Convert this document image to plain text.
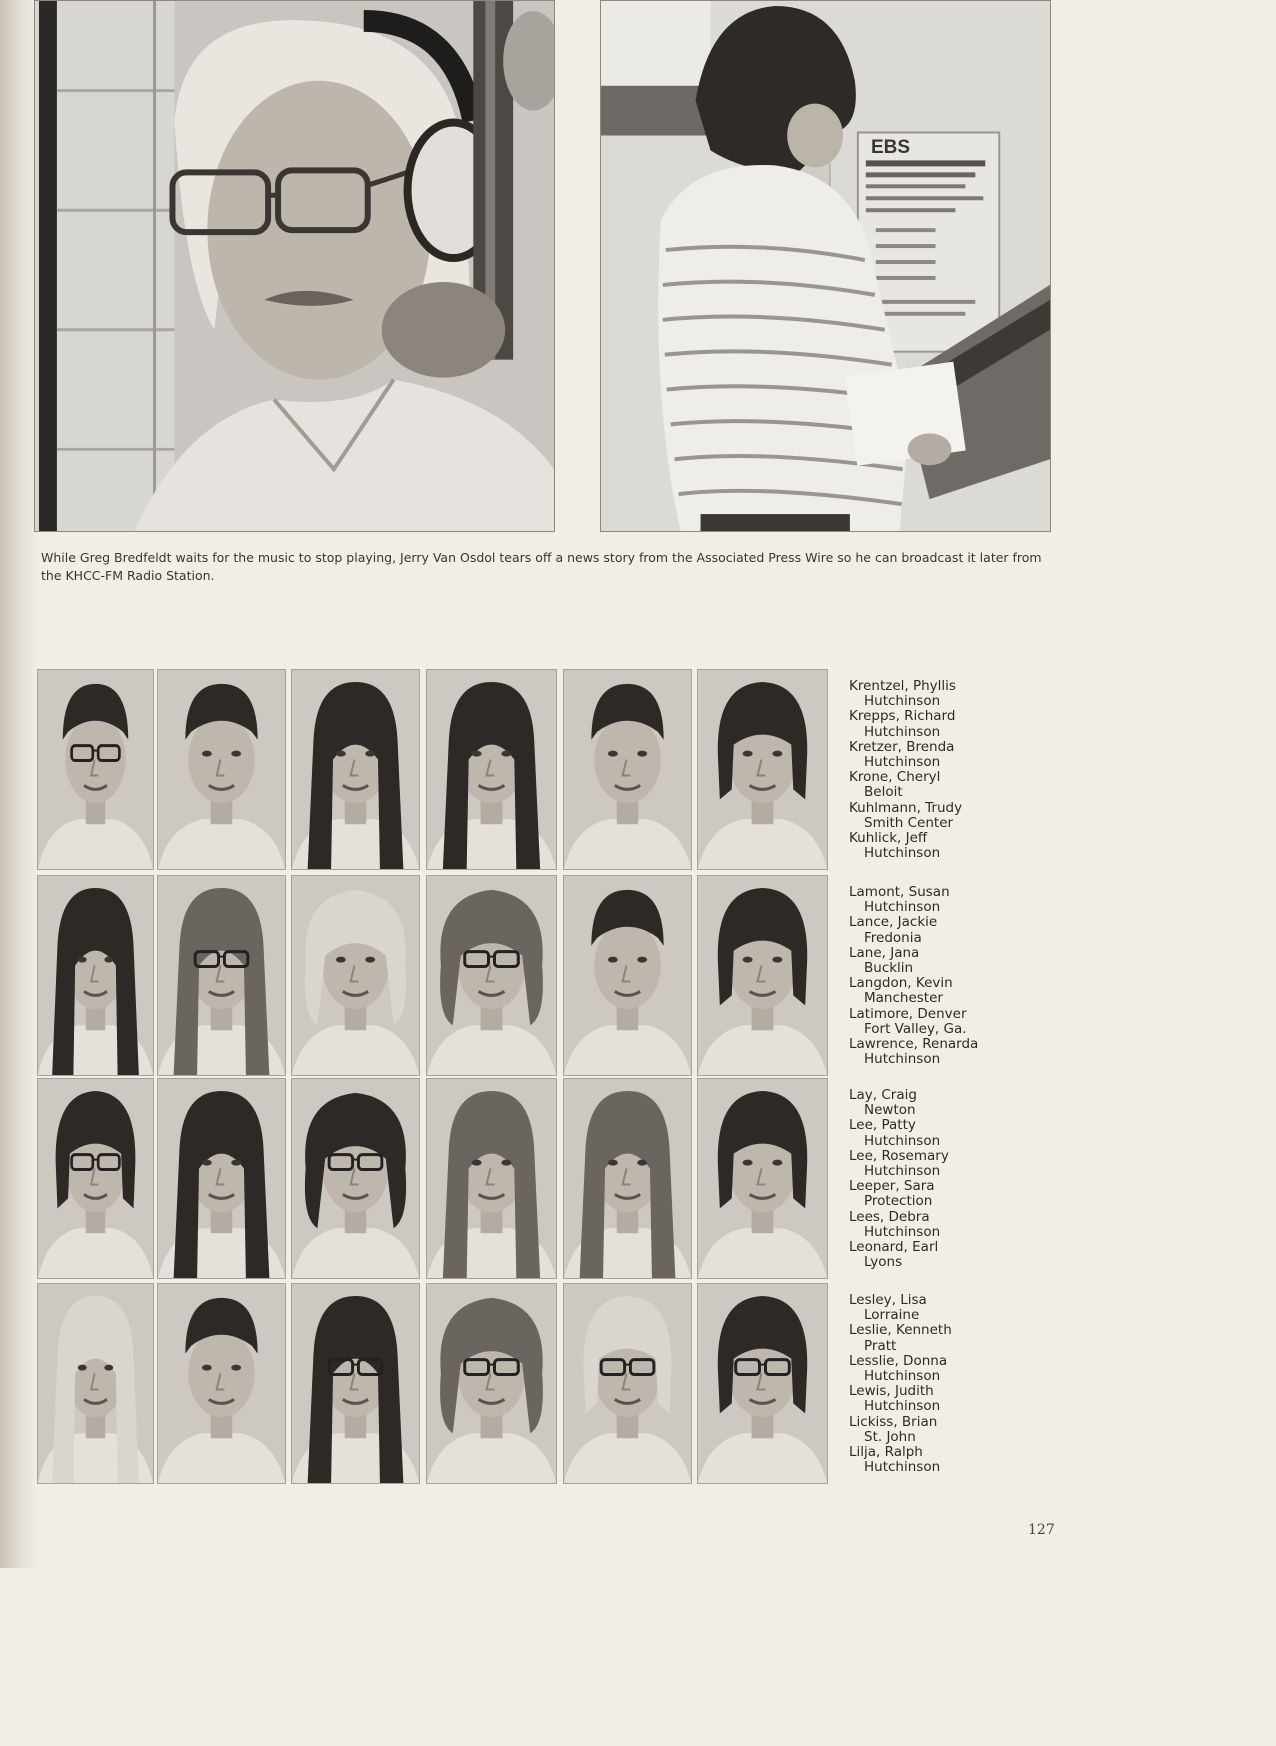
EBS
While Greg Bredfeldt waits for the music to stop playing, Jerry Van Osdol tears off a news story from the Associated Press Wire so he can broadcast it later from the KHCC-FM Radio Station.
Krentzel, Phyllis
Hutchinson
Krepps, Richard
Hutchinson
Kretzer, Brenda
Hutchinson
Krone, Cheryl
Beloit
Kuhlmann, Trudy
Smith Center
Kuhlick, Jeff
Hutchinson
Lamont, Susan
Hutchinson
Lance, Jackie
Fredonia
Lane, Jana
Bucklin
Langdon, Kevin
Manchester
Latimore, Denver
Fort Valley, Ga.
Lawrence, Renarda
Hutchinson
Lay, Craig
Newton
Lee, Patty
Hutchinson
Lee, Rosemary
Hutchinson
Leeper, Sara
Protection
Lees, Debra
Hutchinson
Leonard, Earl
Lyons
Lesley, Lisa
Lorraine
Leslie, Kenneth
Pratt
Lesslie, Donna
Hutchinson
Lewis, Judith
Hutchinson
Lickiss, Brian
St. John
Lilja, Ralph
Hutchinson
127
